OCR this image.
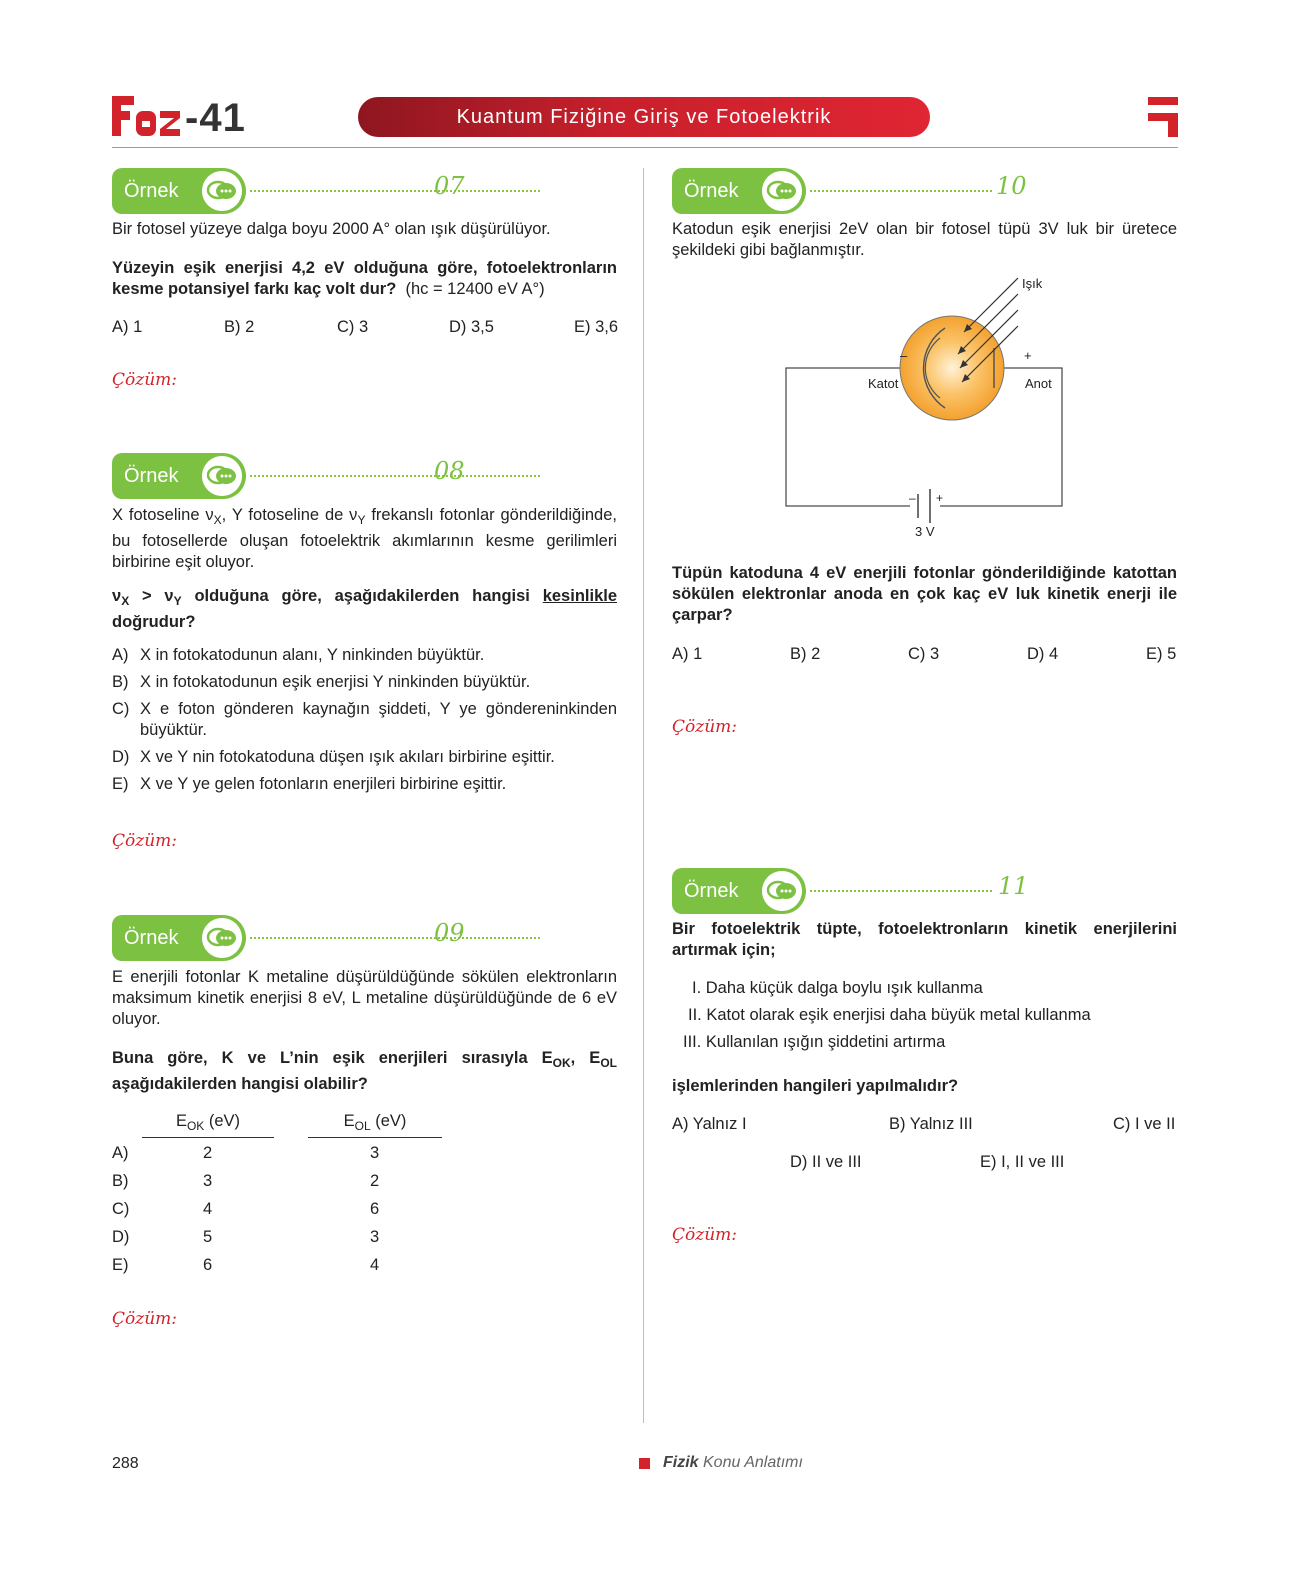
-41	Kuantum Fiziğine Giriş ve Fotoelektrik
Örnek	07
Bir fotosel yüzeye dalga boyu 2000 A° olan ışık düşürülüyor.
Yüzeyin eşik enerjisi 4,2 eV olduğuna göre, fotoelektronların kesme potansiyel farkı kaç volt dur? (hc = 12400 eV A°)
A) 1	B) 2	C) 3	D) 3,5	E) 3,6
Çözüm:
Örnek	08
X fotoseline $\nu_X$, Y fotoseline de $\nu_Y$ frekanslı fotonlar gönderildiğinde, bu fotosellerde oluşan fotoelektrik akımlarının kesme gerilimleri birbirine eşit oluyor.
$\nu_X > \nu_Y$ olduğuna göre, aşağıdakilerden hangisi kesinlikle doğrudur?
A) X in fotokatodunun alanı, Y ninkinden büyüktür.
B) X in fotokatodunun eşik enerjisi Y ninkinden büyüktür.
C) X e foton gönderen kaynağın şiddeti, Y ye göndereninkinden büyüktür.
D) X ve Y nin fotokatoduna düşen ışık akıları birbirine eşittir.
E) X ve Y ye gelen fotonların enerjileri birbirine eşittir.
Çözüm:
Örnek	09
E enerjili fotonlar K metaline düşürüldüğünde sökülen elektronların maksimum kinetik enerjisi 8 eV, L metaline düşürüldüğünde de 6 eV oluyor.
Buna göre, K ve L’nin eşik enerjileri sırasıyla $E_{OK}$, $E_{OL}$ aşağıdakilerden hangisi olabilir?
$E_{OK}$ (eV)	$E_{OL}$ (eV)
A)	2	3
B)	3	2
C)	4	6
D)	5	3
E)	6	4
Çözüm:
Örnek	10
Katodun eşik enerjisi 2eV olan bir fotosel tüpü 3V luk bir üretece şekildeki gibi bağlanmıştır.
Işık
–	+
Katot	Anot
– +
3 V
Tüpün katoduna 4 eV enerjili fotonlar gönderildiğinde katottan sökülen elektronlar anoda en çok kaç eV luk kinetik enerji ile çarpar?
A) 1	B) 2	C) 3	D) 4	E) 5
Çözüm:
Örnek	11
Bir fotoelektrik tüpte, fotoelektronların kinetik enerjilerini artırmak için;
I. Daha küçük dalga boylu ışık kullanma
II. Katot olarak eşik enerjisi daha büyük metal kullanma
III. Kullanılan ışığın şiddetini artırma
işlemlerinden hangileri yapılmalıdır?
A) Yalnız I	B) Yalnız III	C) I ve II
D) II ve III	E) I, II ve III
Çözüm:
288	Fizik Konu Anlatımı
